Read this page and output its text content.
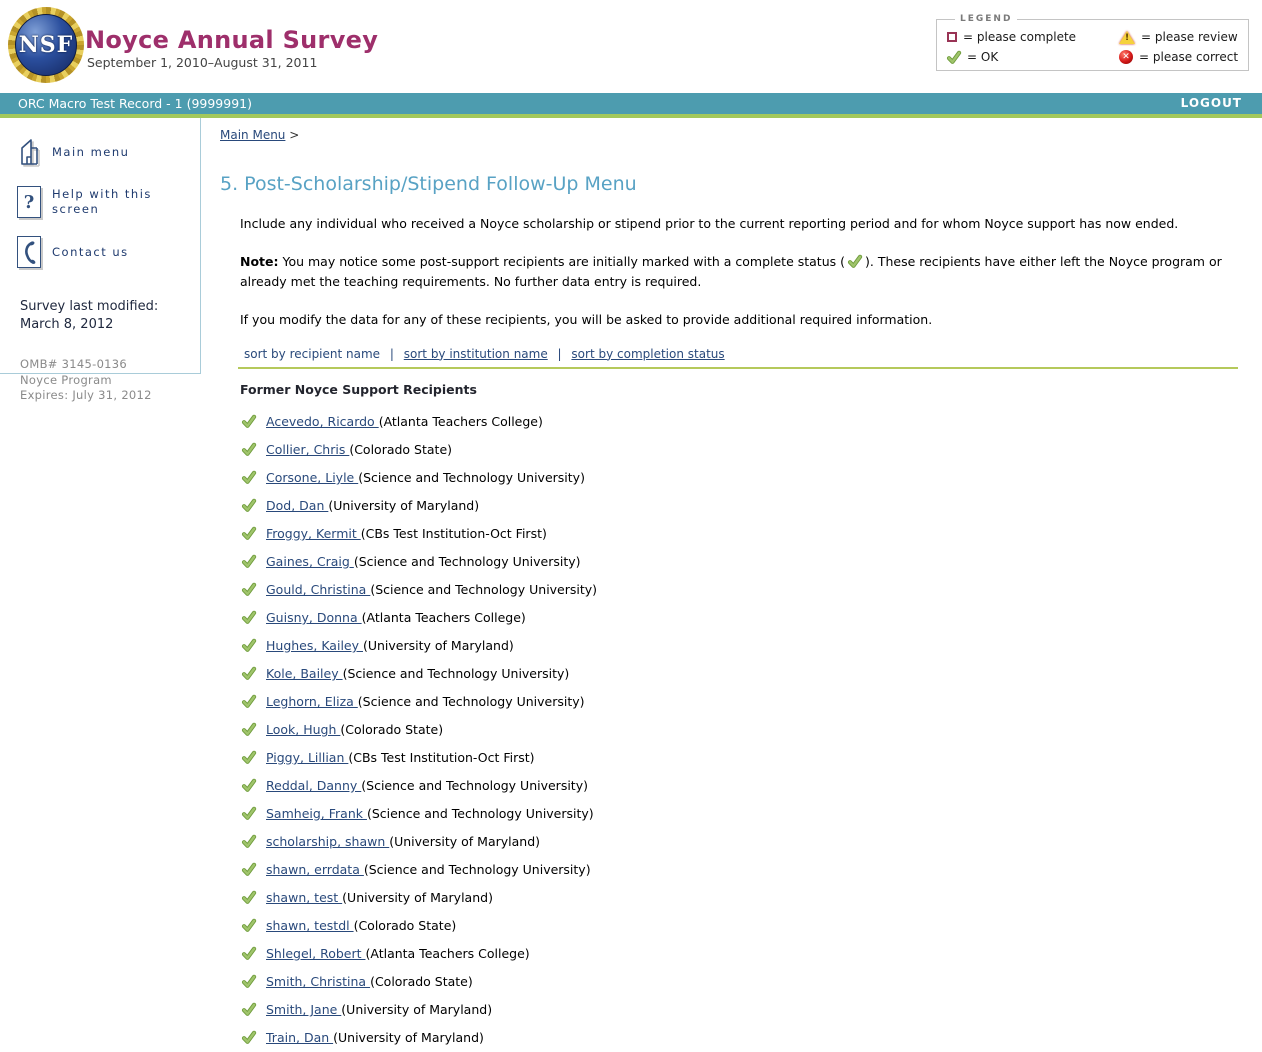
NSF Noyce Annual Survey
September 1, 2010–August 31, 2011
LEGEND
= please complete !	= please review
= OK	✕ = please correct
ORC Macro Test Record - 1 (9999991)	LOGOUT
Main menu
? Help with this screen
Contact us
Survey last modified:
March 8, 2012
OMB# 3145-0136
Noyce Program
Expires: July 31, 2012
Main Menu >
5. Post-Scholarship/Stipend Follow-Up Menu
Include any individual who received a Noyce scholarship or stipend prior to the current reporting period and for whom Noyce support has now ended.
Note: You may notice some post-support recipients are initially marked with a complete status ( ). These recipients have either left the Noyce program or already met the teaching requirements. No further data entry is required.
If you modify the data for any of these recipients, you will be asked to provide additional required information.
sort by recipient name | sort by institution name | sort by completion status
Former Noyce Support Recipients
Acevedo, Ricardo (Atlanta Teachers College)
Collier, Chris (Colorado State)
Corsone, Liyle (Science and Technology University)
Dod, Dan (University of Maryland)
Froggy, Kermit (CBs Test Institution-Oct First)
Gaines, Craig (Science and Technology University)
Gould, Christina (Science and Technology University)
Guisny, Donna (Atlanta Teachers College)
Hughes, Kailey (University of Maryland)
Kole, Bailey (Science and Technology University)
Leghorn, Eliza (Science and Technology University)
Look, Hugh (Colorado State)
Piggy, Lillian (CBs Test Institution-Oct First)
Reddal, Danny (Science and Technology University)
Samheig, Frank (Science and Technology University)
scholarship, shawn (University of Maryland)
shawn, errdata (Science and Technology University)
shawn, test (University of Maryland)
shawn, testdl (Colorado State)
Shlegel, Robert (Atlanta Teachers College)
Smith, Christina (Colorado State)
Smith, Jane (University of Maryland)
Train, Dan (University of Maryland)
